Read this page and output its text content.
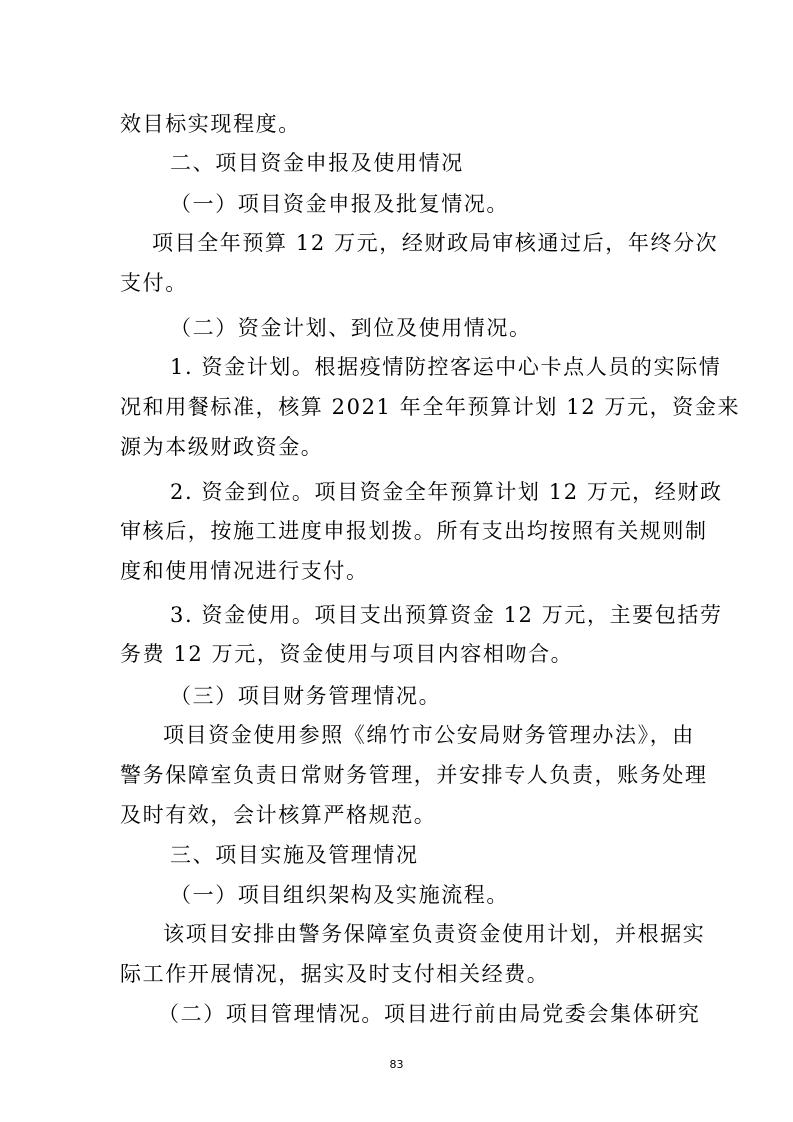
效目标实现程度。
二、项目资金申报及使用情况
（一）项目资金申报及批复情况。
项目全年预算 12 万元，经财政局审核通过后，年终分次
支付。
（二）资金计划、到位及使用情况。
1. 资金计划。根据疫情防控客运中心卡点人员的实际情
况和用餐标准，核算 2021 年全年预算计划 12 万元，资金来
源为本级财政资金。
2. 资金到位。项目资金全年预算计划 12 万元，经财政
审核后，按施工进度申报划拨。所有支出均按照有关规则制
度和使用情况进行支付。
3. 资金使用。项目支出预算资金 12 万元，主要包括劳
务费 12 万元，资金使用与项目内容相吻合。
（三）项目财务管理情况。
项目资金使用参照《绵竹市公安局财务管理办法》，由
警务保障室负责日常财务管理，并安排专人负责，账务处理
及时有效，会计核算严格规范。
三、项目实施及管理情况
（一）项目组织架构及实施流程。
该项目安排由警务保障室负责资金使用计划，并根据实
际工作开展情况，据实及时支付相关经费。
（二）项目管理情况。项目进行前由局党委会集体研究
83
